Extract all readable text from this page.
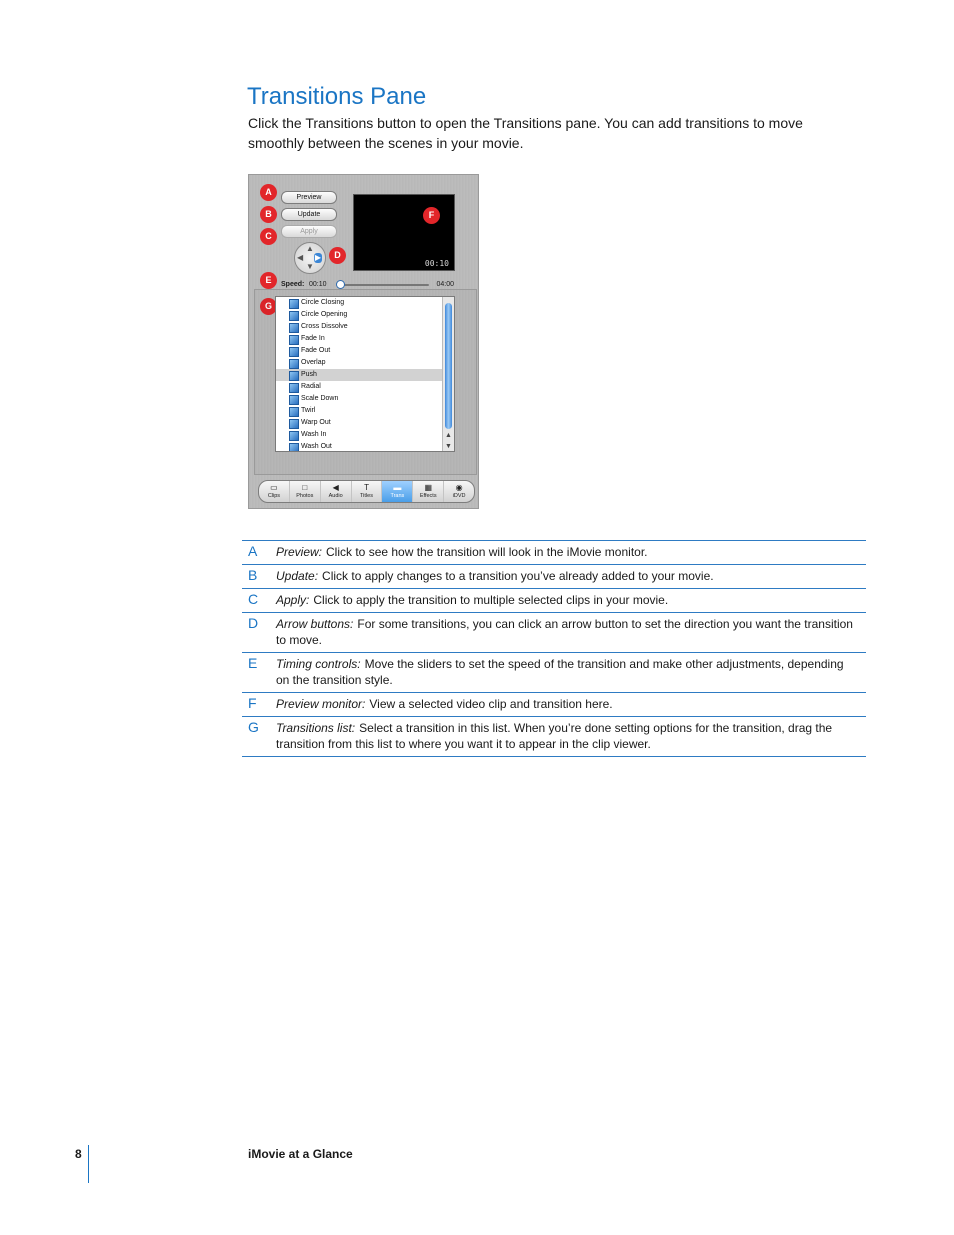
Transitions Pane

Click the Transitions button to open the Transitions pane. You can add transitions to move smoothly between the scenes in your movie.

A
B
C
D
E
F
G
Preview
Update
Apply
▲
▼
◀ ▶
00:10
Speed: 00:10	04:00
Circle Closing
Circle Opening
Cross Dissolve
Fade In
Fade Out
Overlap
Push
Radial
Scale Down
Twirl
Warp Out
Wash In
Wash Out
▲
▼
▭
Clips
□
Photos
◀
Audio
T
Titles
▬
Trans
▦
Effects
◉
iDVD
A Preview: Click to see how the transition will look in the iMovie monitor.
B Update: Click to apply changes to a transition you’ve already added to your movie.
C Apply: Click to apply the transition to multiple selected clips in your movie.
D Arrow buttons: For some transitions, you can click an arrow button to set the direction you want the transition to move.
E Timing controls: Move the sliders to set the speed of the transition and make other adjustments, depending on the transition style.
F Preview monitor: View a selected video clip and transition here.
G Transitions list: Select a transition in this list. When you’re done setting options for the transition, drag the transition from this list to where you want it to appear in the clip viewer.
8	iMovie at a Glance
